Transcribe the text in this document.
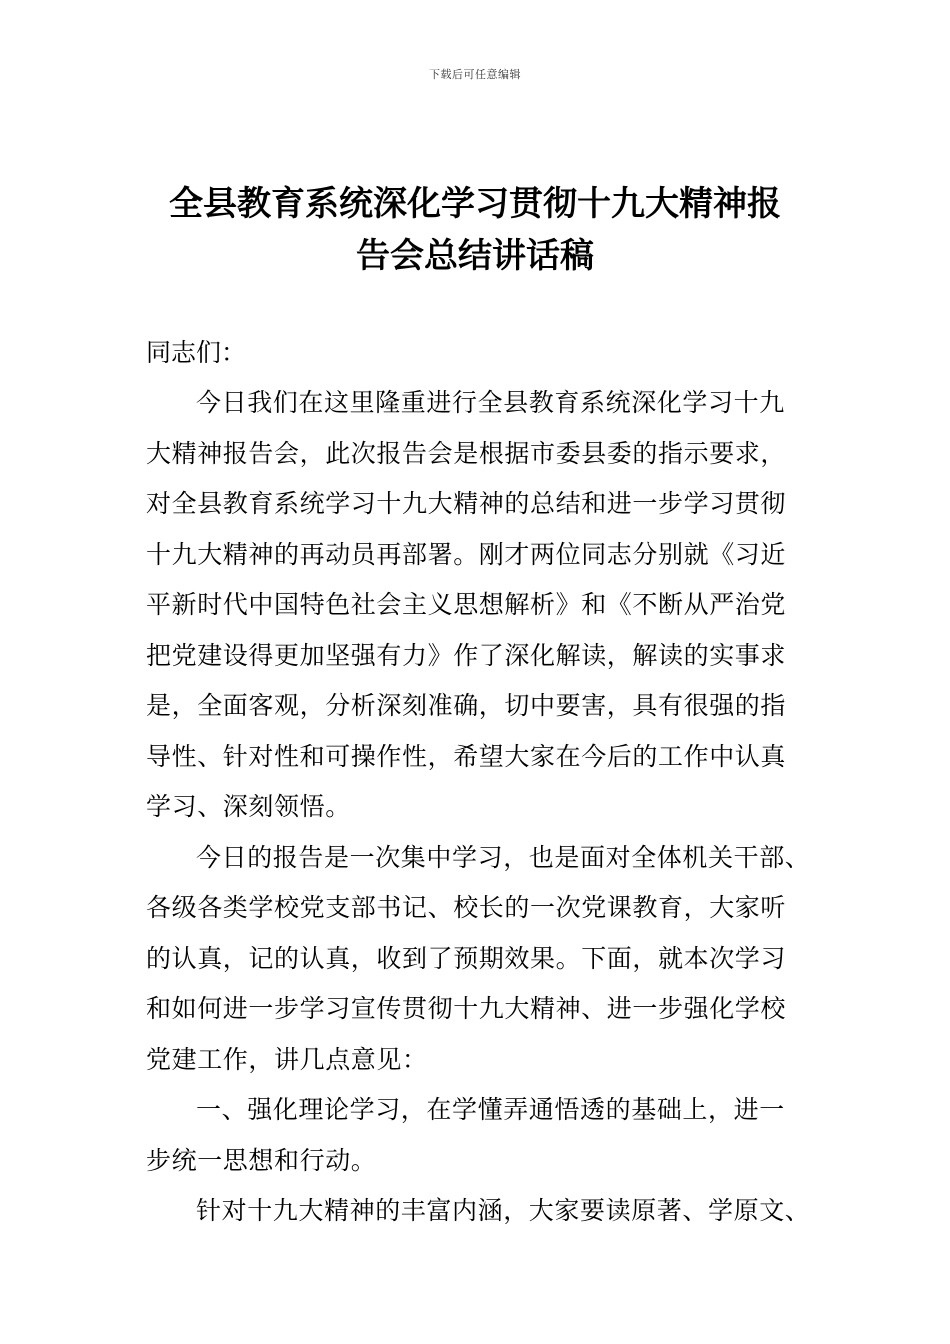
下载后可任意编辑
全县教育系统深化学习贯彻十九大精神报
告会总结讲话稿
同志们：
今日我们在这里隆重进行全县教育系统深化学习十九
大精神报告会，此次报告会是根据市委县委的指示要求，
对全县教育系统学习十九大精神的总结和进一步学习贯彻
十九大精神的再动员再部署。刚才两位同志分别就《习近
平新时代中国特色社会主义思想解析》和《不断从严治党
把党建设得更加坚强有力》作了深化解读，解读的实事求
是，全面客观，分析深刻准确，切中要害，具有很强的指
导性、针对性和可操作性，希望大家在今后的工作中认真
学习、深刻领悟。
今日的报告是一次集中学习，也是面对全体机关干部、
各级各类学校党支部书记、校长的一次党课教育，大家听
的认真，记的认真，收到了预期效果。下面，就本次学习
和如何进一步学习宣传贯彻十九大精神、进一步强化学校
党建工作，讲几点意见：
一、强化理论学习，在学懂弄通悟透的基础上，进一
步统一思想和行动。
针对十九大精神的丰富内涵，大家要读原著、学原文、
